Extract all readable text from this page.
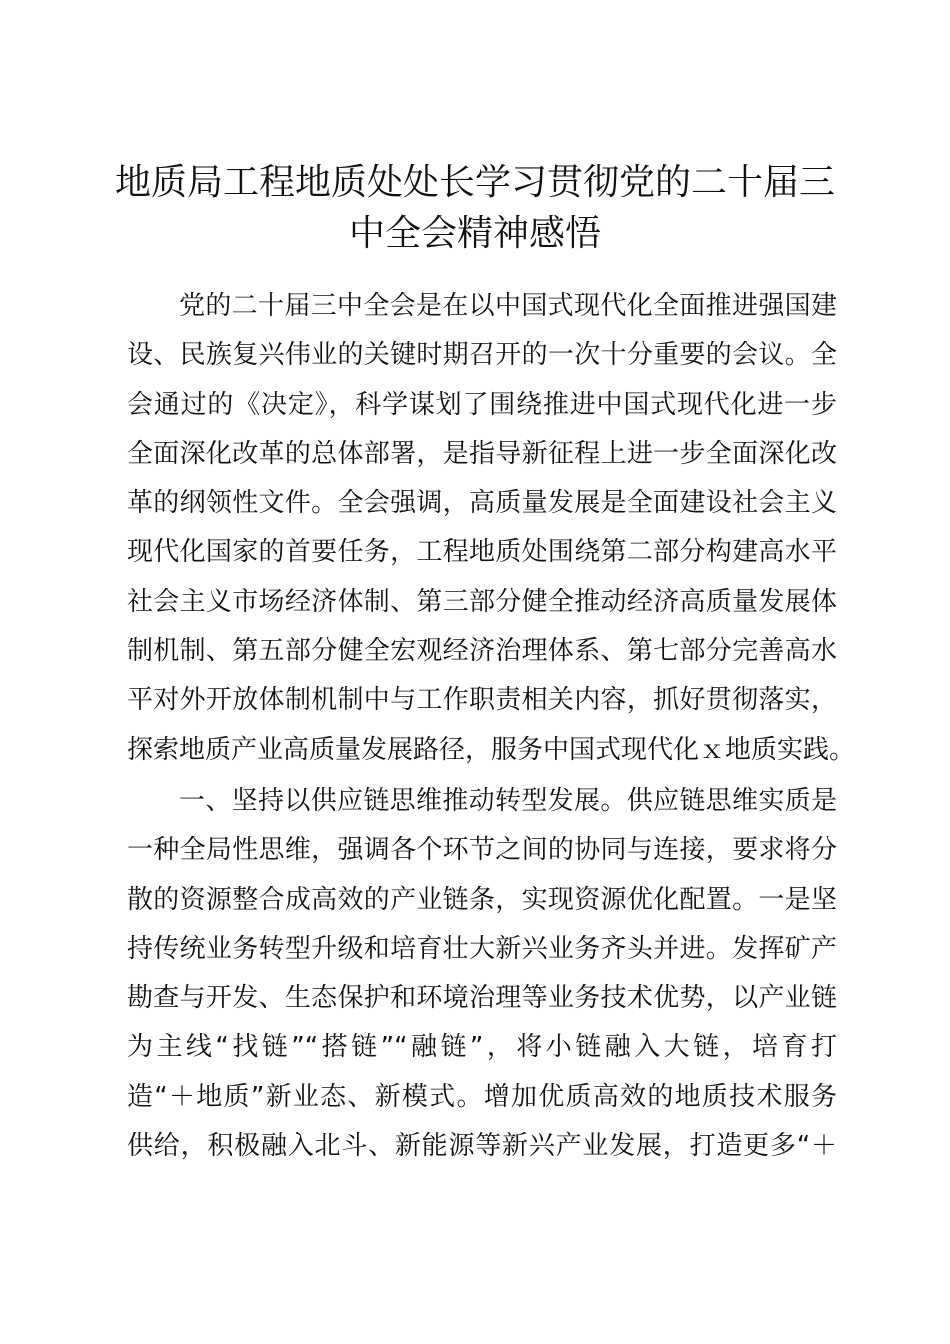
地质局工程地质处处长学习贯彻党的二十届三
中全会精神感悟
党的二十届三中全会是在以中国式现代化全面推进强国建
设、民族复兴伟业的关键时期召开的一次十分重要的会议。全
会通过的《决定》，科学谋划了围绕推进中国式现代化进一步
全面深化改革的总体部署，是指导新征程上进一步全面深化改
革的纲领性文件。全会强调，高质量发展是全面建设社会主义
现代化国家的首要任务，工程地质处围绕第二部分构建高水平
社会主义市场经济体制、第三部分健全推动经济高质量发展体
制机制、第五部分健全宏观经济治理体系、第七部分完善高水
平对外开放体制机制中与工作职责相关内容，抓好贯彻落实，
探索地质产业高质量发展路径，服务中国式现代化ｘ地质实践。
一、坚持以供应链思维推动转型发展。供应链思维实质是
一种全局性思维，强调各个环节之间的协同与连接，要求将分
散的资源整合成高效的产业链条，实现资源优化配置。一是坚
持传统业务转型升级和培育壮大新兴业务齐头并进。发挥矿产
勘查与开发、生态保护和环境治理等业务技术优势，以产业链
为主线“找链”“搭链”“融链”，将小链融入大链，培育打
造“＋地质”新业态、新模式。增加优质高效的地质技术服务
供给，积极融入北斗、新能源等新兴产业发展，打造更多“＋
